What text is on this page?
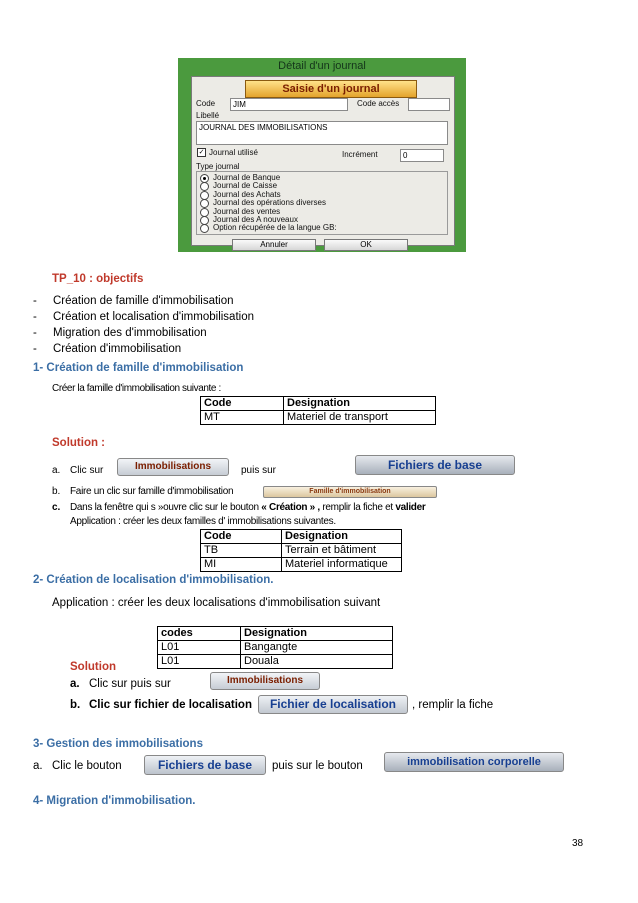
Détail d'un journal
Saisie d'un journal
Code	JIM	Code accès
Libellé
JOURNAL DES IMMOBILISATIONS
✓ Journal utilisé	Incrément	0
Type journal
Journal de Banque
Journal de Caisse
Journal des Achats
Journal des opérations diverses
Journal des ventes
Journal des A nouveaux
Option récupérée de la langue GB:
Annuler	OK
TP_10 : objectifs
- Création de famille d'immobilisation
- Création et localisation d'immobilisation
- Migration des d'immobilisation
- Création d'immobilisation
1- Création de famille d'immobilisation
Créer la famille d'immobilisation suivante :
Code	Designation
MT	Materiel de transport
Solution :
a. Clic sur	Immobilisations	puis sur	Fichiers de base
b. Faire un clic sur famille d'immobilisation	Famille d'immobilisation
c. Dans la fenêtre qui s »ouvre clic sur le bouton « Création » , remplir la fiche et valider
Application : créer les deux familles d' immobilisations suivantes.
Code	Designation
TB	Terrain et bâtiment
MI	Materiel informatique
2- Création de localisation d'immobilisation.
Application : créer les deux localisations d'immobilisation suivant
codes	Designation
L01	Bangangte
L01	Douala
Solution
a. Clic sur puis sur	Immobilisations
b. Clic sur fichier de localisation	Fichier de localisation	, remplir la fiche
3- Gestion des immobilisations
a. Clic le bouton	Fichiers de base	puis sur le bouton	immobilisation corporelle
4- Migration d'immobilisation.
38
